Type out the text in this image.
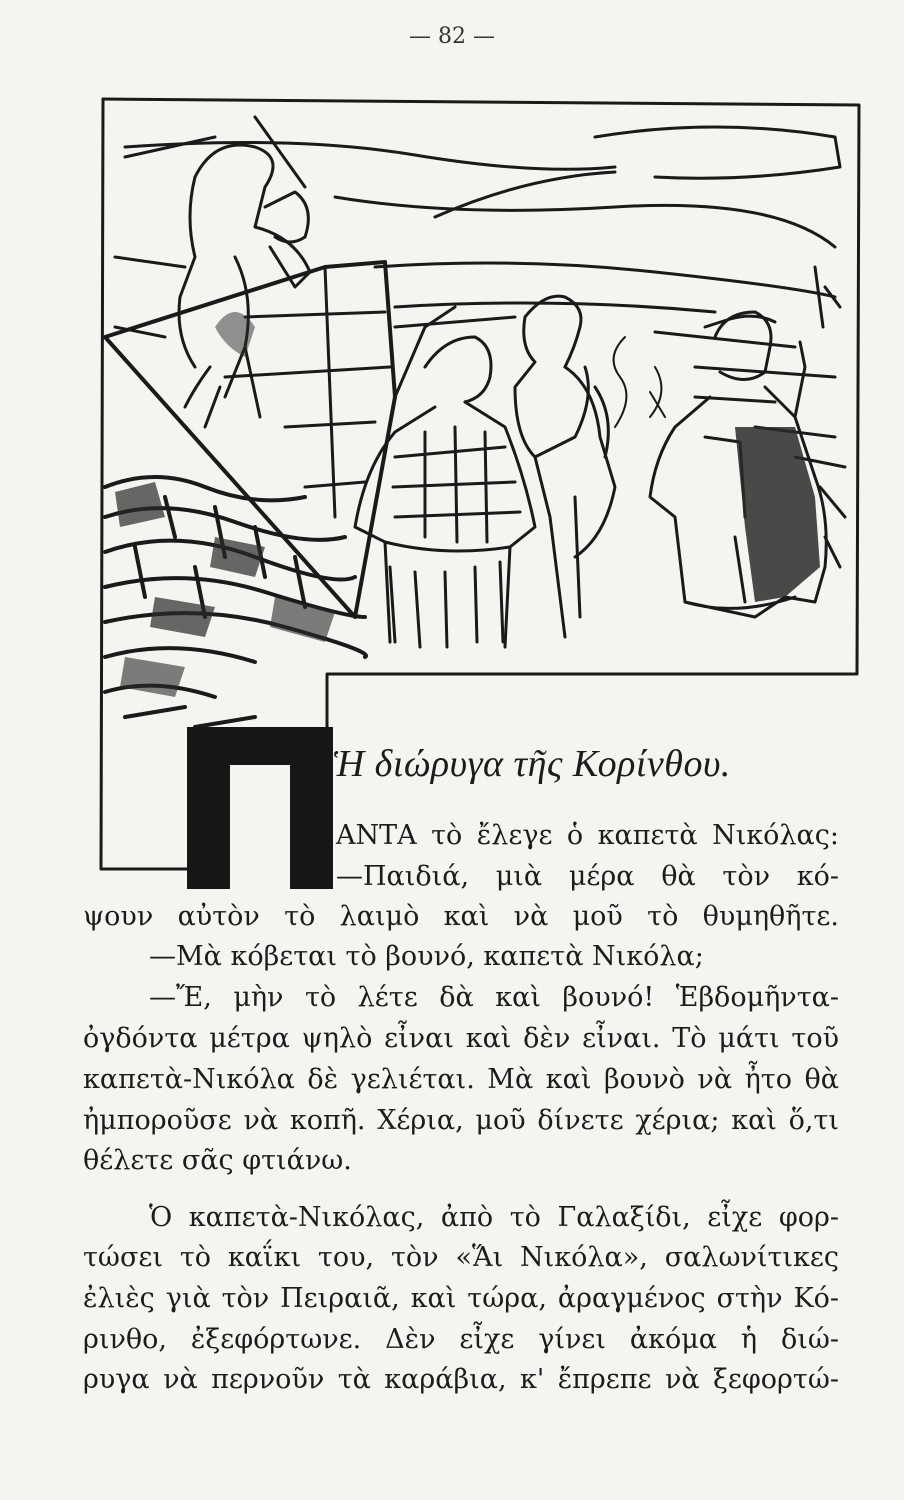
— 82 —
Ἡ διώρυγα τῆς Κορίνθου.
ΑΝΤΑ τὸ ἔλεγε ὁ καπετὰ Νικόλας:
—Παιδιά, μιὰ μέρα θὰ τὸν κό-
ψουν αὐτὸν τὸ λαιμὸ καὶ νὰ μοῦ τὸ θυμηθῆτε.
—Μὰ κόβεται τὸ βουνό, καπετὰ Νικόλα;
—Ἔ, μὴν τὸ λέτε δὰ καὶ βουνό! Ἑβδομῆντα-
ὀγδόντα μέτρα ψηλὸ εἶναι καὶ δὲν εἶναι. Τὸ μάτι τοῦ
καπετὰ-Νικόλα δὲ γελιέται. Μὰ καὶ βουνὸ νὰ ἦτο θὰ
ἠμποροῦσε νὰ κοπῆ. Χέρια, μοῦ δίνετε χέρια; καὶ ὅ,τι
θέλετε σᾶς φτιάνω.
Ὁ καπετὰ-Νικόλας, ἀπὸ τὸ Γαλαξίδι, εἶχε φορ-
τώσει τὸ καΐκι του, τὸν «Ἅι Νικόλα», σαλωνίτικες
ἐλιὲς γιὰ τὸν Πειραιᾶ, καὶ τώρα, ἀραγμένος στὴν Κό-
ρινθο, ἐξεφόρτωνε. Δὲν εἶχε γίνει ἀκόμα ἡ διώ-
ρυγα νὰ περνοῦν τὰ καράβια, κ' ἔπρεπε νὰ ξεφορτώ-
